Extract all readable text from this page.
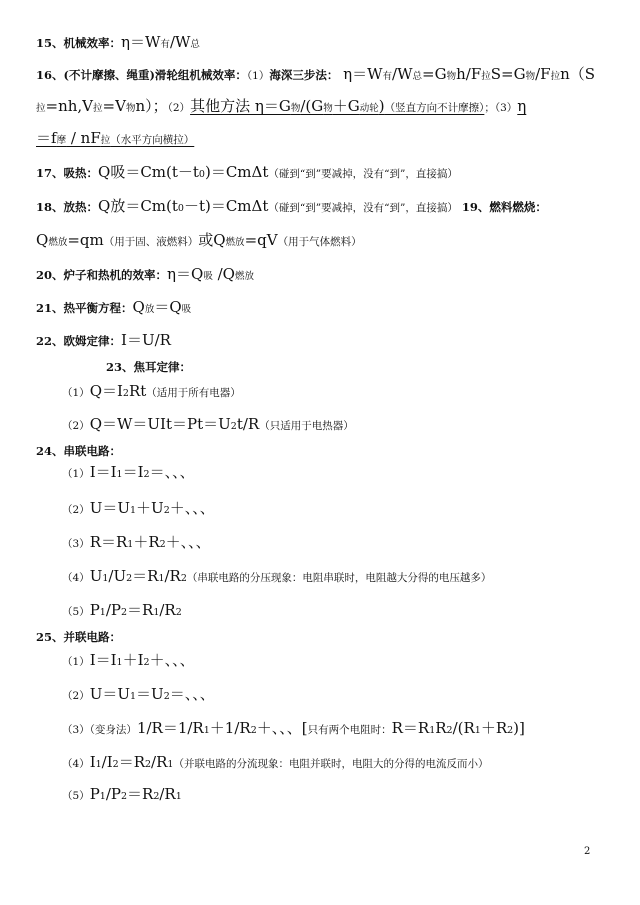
15、机械效率：η＝W有/W总
16、(不计摩擦、绳重)滑轮组机械效率：（1）海深三步法： η＝W有/W总=G物h/F拉S=G物/F拉n（S
拉=nh,V拉=V物n）；（2）其他方法 η＝G物/(G物＋G动轮)（竖直方向不计摩擦）；（3）η
＝f摩 / nF拉（水平方向横拉）
17、吸热：Q吸＝Cm(t－t0)＝CmΔt（碰到“到”要减掉，没有“到”，直接搞）
18、放热：Q放＝Cm(t0－t)＝CmΔt（碰到“到”要减掉，没有“到”，直接搞） 19、燃料燃烧：
Q燃放=qm（用于固、液燃料）或Q燃放=qV（用于气体燃料）
20、炉子和热机的效率：η＝Q吸 /Q燃放
21、热平衡方程：Q放＝Q吸
22、欧姆定律：I＝U/R
23、焦耳定律：
（1）Q＝I2Rt（适用于所有电器）
（2）Q＝W＝UIt＝Pt＝U2t/R（只适用于电热器）
24、串联电路：
（1）I＝I1＝I2＝、、、
（2）U＝U1＋U2＋、、、
（3）R＝R1＋R2＋、、、
（4）U1/U2＝R1/R2（串联电路的分压现象：电阻串联时，电阻越大分得的电压越多）
（5）P1/P2＝R1/R2
25、并联电路：
（1）I＝I1＋I2＋、、、
（2）U＝U1＝U2＝、、、
（3）（变身法）1/R＝1/R1＋1/R2＋、、、[只有两个电阻时：R＝R1R2/(R1＋R2)]
（4）I1/I2＝R2/R1（并联电路的分流现象：电阻并联时，电阻大的分得的电流反而小）
（5）P1/P2＝R2/R1
2
